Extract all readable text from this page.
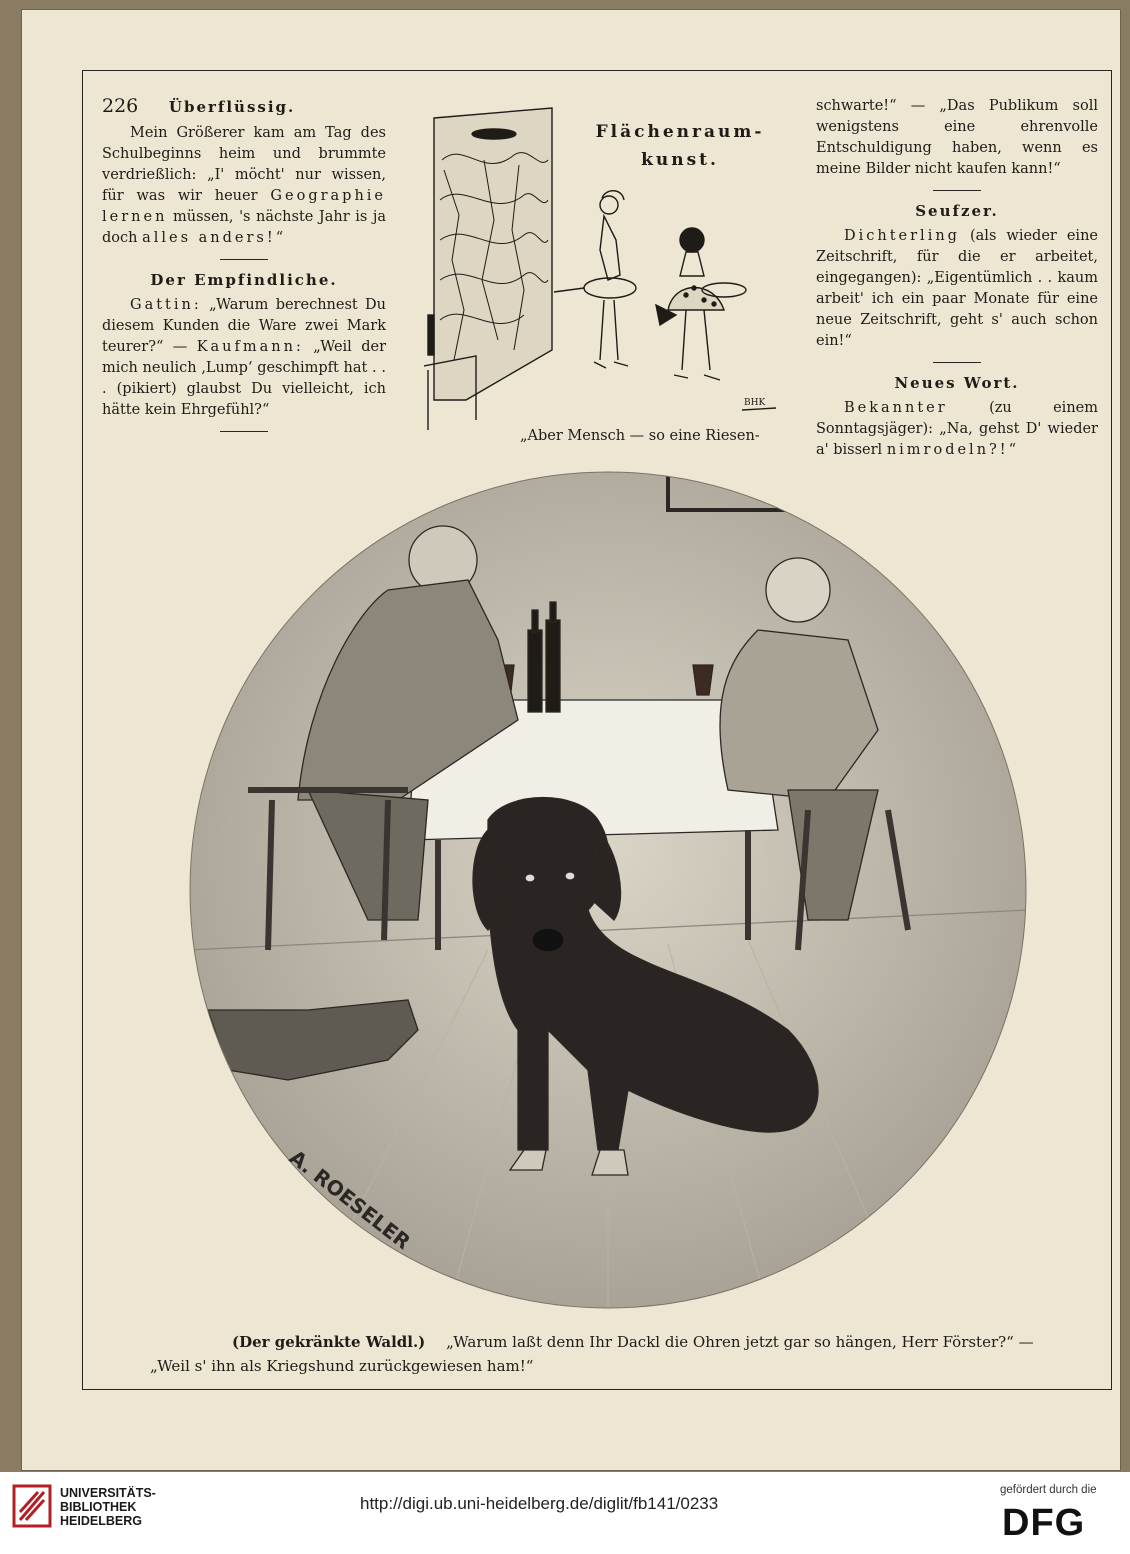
226 Überflüssig.

Mein Größerer kam am Tag des Schulbeginns heim und brummte verdrießlich: „I' möcht' nur wissen, für was wir heuer Geographie lernen müssen, 's nächste Jahr is ja doch alles anders!“

Der Empfindliche.

Gattin: „Warum berechnest Du diesem Kunden die Ware zwei Mark teurer?“ — Kaufmann: „Weil der mich neulich ‚Lump‘ geschimpft hat . . . (pikiert) glaubst Du vielleicht, ich hätte kein Ehrgefühl?“	BHK
Flächenraum-
kunst.
„Aber Mensch — so eine Riesen-

schwarte!“ — „Das Publikum soll wenigstens eine ehrenvolle Entschuldigung haben, wenn es meine Bilder nicht kaufen kann!“

Seufzer.

Dichterling (als wieder eine Zeitschrift, für die er arbeitet, eingegangen): „Eigentümlich . . kaum arbeit' ich ein paar Monate für eine neue Zeitschrift, geht s' auch schon ein!“

Neues Wort.

Bekannter	(zu einem Sonntagsjäger): „Na, gehst D' wieder a' bisserl nimrodeln?!“

A. ROESELER
(Der gekränkte Waldl.) „Warum laßt denn Ihr Dackl die Ohren jetzt gar so hängen, Herr Förster?“ —
„Weil s' ihn als Kriegshund zurückgewiesen ham!“
UNIVERSITÄTS-
BIBLIOTHEK
HEIDELBERG
http://digi.ub.uni-heidelberg.de/diglit/fb141/0233
gefördert durch die
DFG
